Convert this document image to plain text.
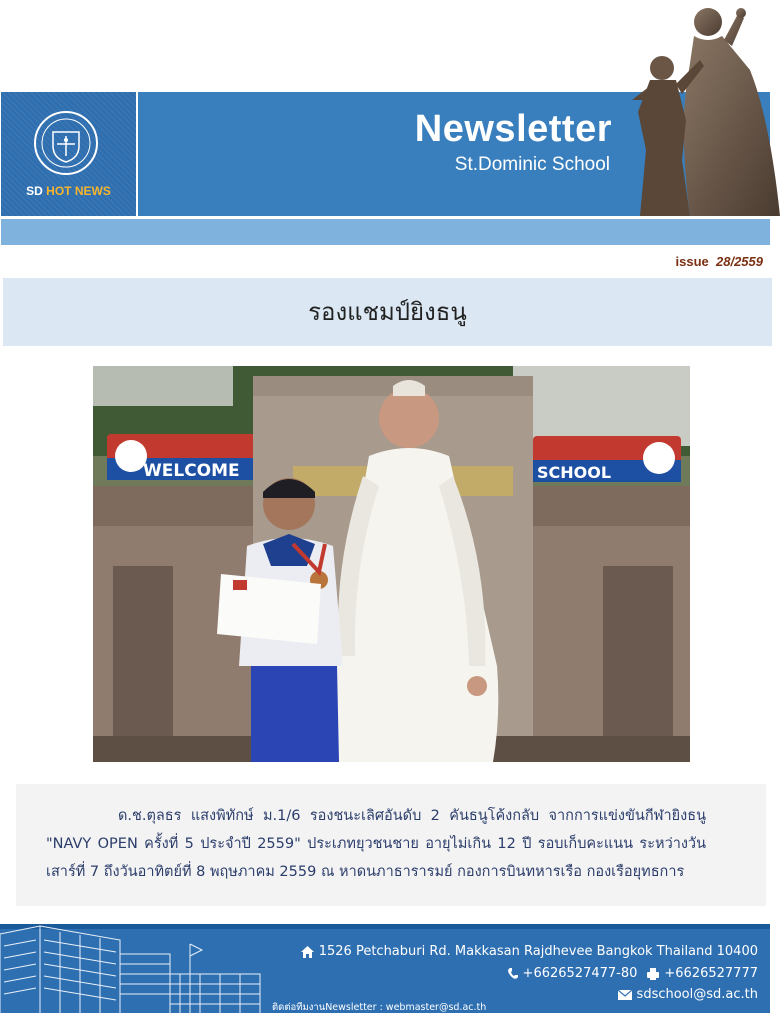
SD HOT NEWS
Newsletter
St.Dominic School
issue 28/2559
รองแชมป์ยิงธนู
WELCOME	SCHOOL
ด.ช.ตุลธร แสงพิทักษ์ ม.1/6 รองชนะเลิศอันดับ 2 คันธนูโค้งกลับ จากการแข่งขันกีฬายิงธนู "NAVY OPEN ครั้งที่ 5 ประจำปี 2559" ประเภทยุวชนชาย อายุไม่เกิน 12 ปี รอบเก็บคะแนน ระหว่างวันเสาร์ที่ 7 ถึงวันอาทิตย์ที่ 8 พฤษภาคม 2559 ณ หาดนภาธารารมย์ กองการบินทหารเรือ กองเรือยุทธการ
1526 Petchaburi Rd. Makkasan Rajdhevee Bangkok Thailand 10400
+6626527477-80 +6626527777
sdschool@sd.ac.th
ติดต่อทีมงานNewsletter : webmaster@sd.ac.th
